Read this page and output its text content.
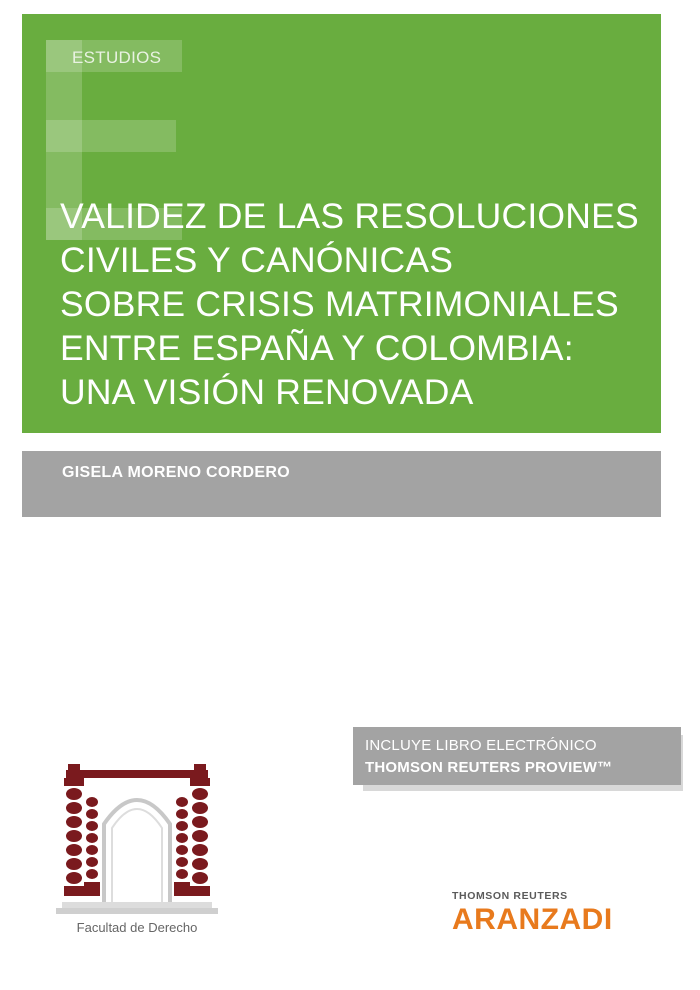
ESTUDIOS
VALIDEZ DE LAS RESOLUCIONES
CIVILES Y CANÓNICAS
SOBRE CRISIS MATRIMONIALES
ENTRE ESPAÑA Y COLOMBIA:
UNA VISIÓN RENOVADA
GISELA MORENO CORDERO
INCLUYE LIBRO ELECTRÓNICO
THOMSON REUTERS PROVIEW™
Facultad de Derecho
THOMSON REUTERS
ARANZADI
